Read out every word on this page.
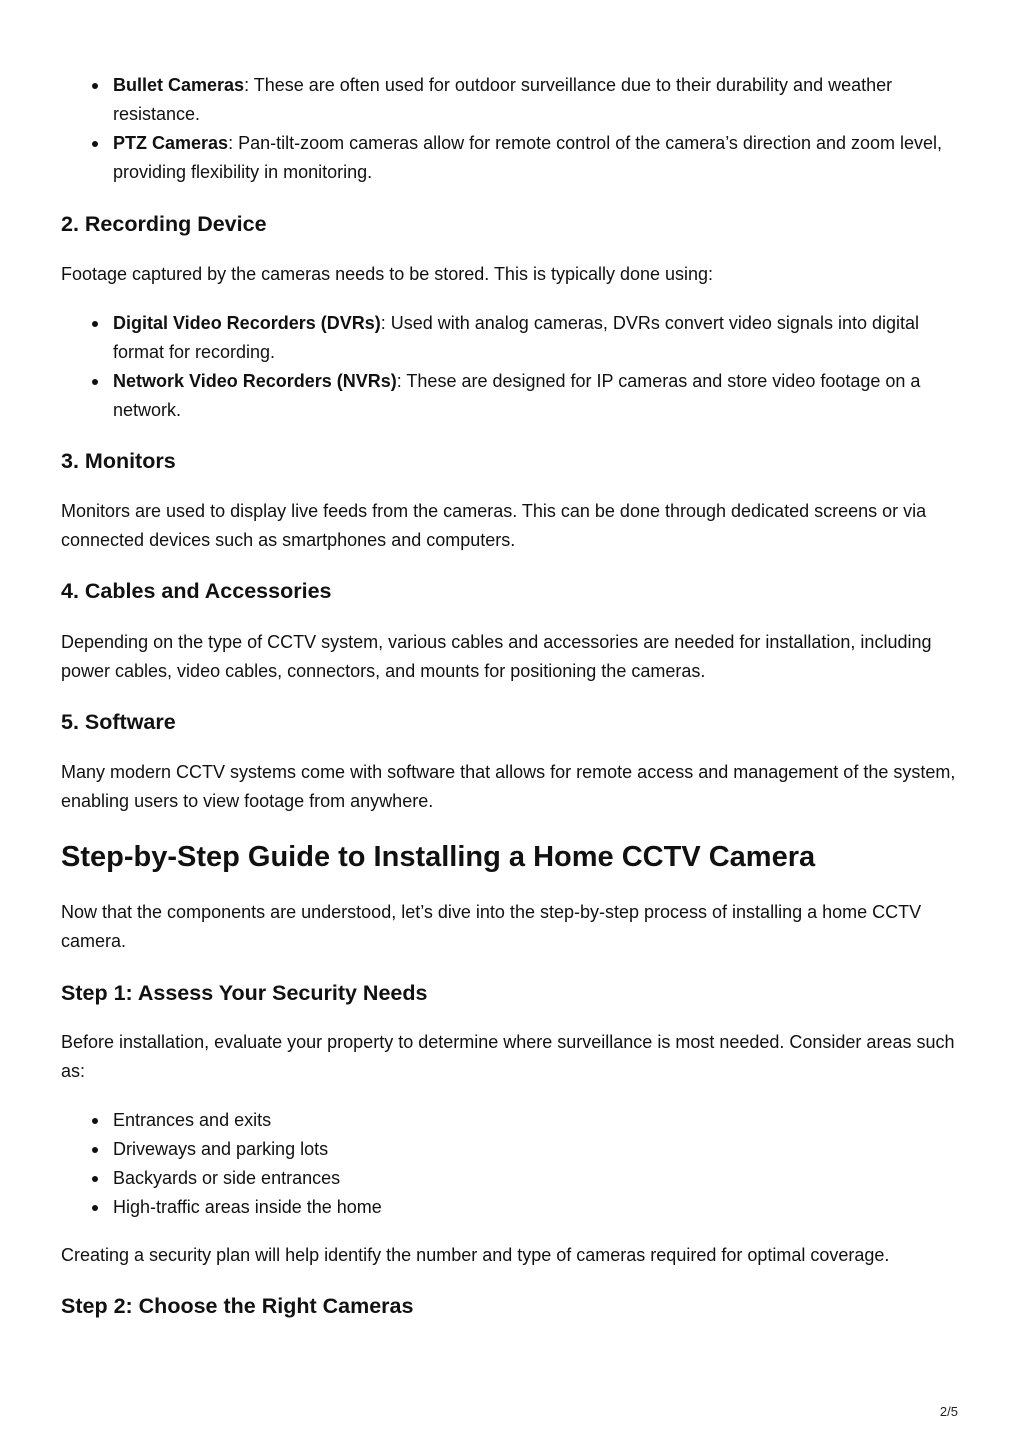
Bullet Cameras: These are often used for outdoor surveillance due to their durability and weather resistance.
PTZ Cameras: Pan-tilt-zoom cameras allow for remote control of the camera’s direction and zoom level, providing flexibility in monitoring.
2. Recording Device

Footage captured by the cameras needs to be stored. This is typically done using:

Digital Video Recorders (DVRs): Used with analog cameras, DVRs convert video signals into digital format for recording.
Network Video Recorders (NVRs): These are designed for IP cameras and store video footage on a network.
3. Monitors

Monitors are used to display live feeds from the cameras. This can be done through dedicated screens or via connected devices such as smartphones and computers.

4. Cables and Accessories

Depending on the type of CCTV system, various cables and accessories are needed for installation, including power cables, video cables, connectors, and mounts for positioning the cameras.

5. Software

Many modern CCTV systems come with software that allows for remote access and management of the system, enabling users to view footage from anywhere.

Step-by-Step Guide to Installing a Home CCTV Camera

Now that the components are understood, let’s dive into the step-by-step process of installing a home CCTV camera.

Step 1: Assess Your Security Needs

Before installation, evaluate your property to determine where surveillance is most needed. Consider areas such as:

Entrances and exits
Driveways and parking lots
Backyards or side entrances
High-traffic areas inside the home

Creating a security plan will help identify the number and type of cameras required for optimal coverage.

Step 2: Choose the Right Cameras
2/5
